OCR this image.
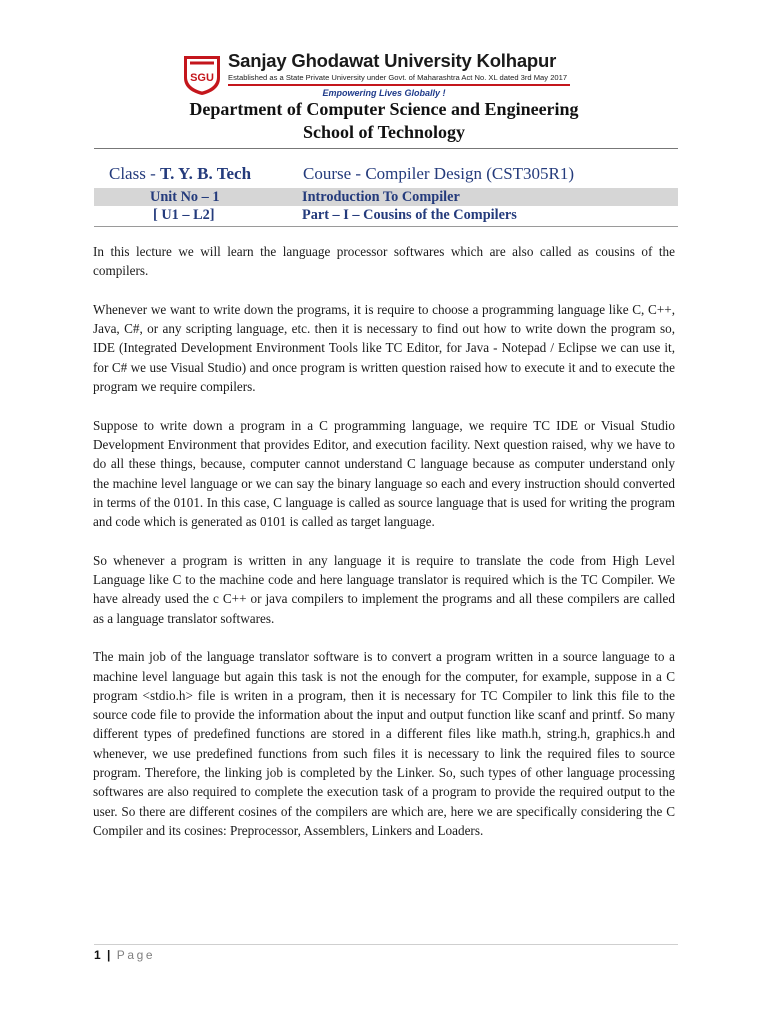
SGU
Sanjay Ghodawat University Kolhapur
Established as a State Private University under Govt. of Maharashtra Act No. XL dated 3rd May 2017
Empowering Lives Globally !
Department of Computer Science and Engineering
School of Technology
Class - T. Y. B. Tech	Course - Compiler Design (CST305R1)
Unit No – 1	Introduction To Compiler
[ U1 – L2]	Part – I – Cousins of the Compilers

In this lecture we will learn the language processor softwares which are also called as cousins of the compilers.

Whenever we want to write down the programs, it is require to choose a programming language like C, C++, Java, C#, or any scripting language, etc. then it is necessary to find out how to write down the program so, IDE (Integrated Development Environment Tools like TC Editor, for Java - Notepad / Eclipse we can use it, for C# we use Visual Studio) and once program is written question raised how to execute it and to execute the program we require compilers.

Suppose to write down a program in a C programming language, we require TC IDE or Visual Studio Development Environment that provides Editor, and execution facility. Next question raised, why we have to do all these things, because, computer cannot understand C language because as computer understand only the machine level language or we can say the binary language so each and every instruction should converted in terms of the 0101. In this case, C language is called as source language that is used for writing the program and code which is generated as 0101 is called as target language.

So whenever a program is written in any language it is require to translate the code from High Level Language like C to the machine code and here language translator is required which is the TC Compiler. We have already used the c C++ or java compilers to implement the programs and all these compilers are called as a language translator softwares.

The main job of the language translator software is to convert a program written in a source language to a machine level language but again this task is not the enough for the computer, for example, suppose in a C program <stdio.h> file is writen in a program, then it is necessary for TC Compiler to link this file to the source code file to provide the information about the input and output function like scanf and printf. So many different types of predefined functions are stored in a different files like math.h, string.h, graphics.h and whenever, we use predefined functions from such files it is necessary to link the required files to source program. Therefore, the linking job is completed by the Linker. So, such types of other language processing softwares are also required to complete the execution task of a program to provide the required output to the user. So there are different cosines of the compilers are which are, here we are specifically considering the C Compiler and its cosines: Preprocessor, Assemblers, Linkers and Loaders.

1 | Page
